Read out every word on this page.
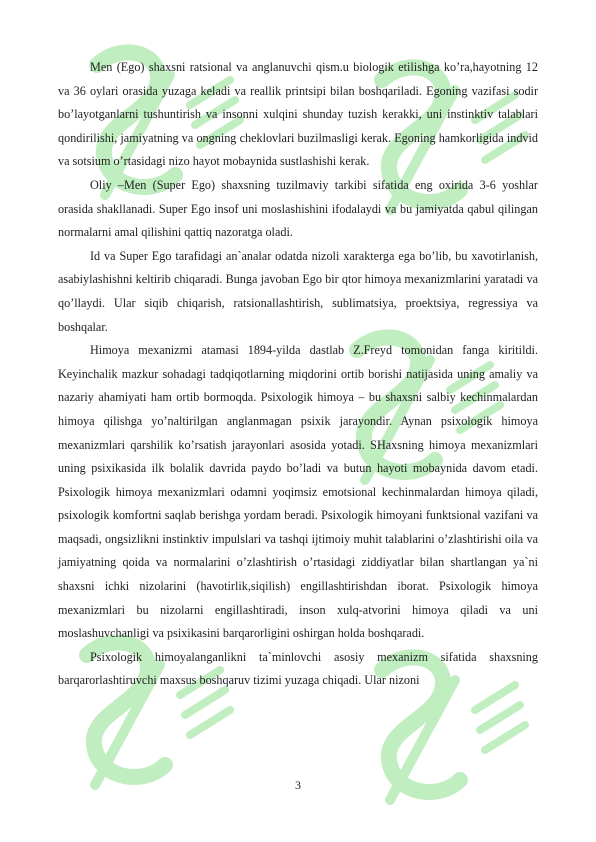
Men (Ego) shaxsni ratsional va anglanuvchi qism.u biologik etilishga ko’ra,hayotning 12 va 36 oylari orasida yuzaga keladi va reallik printsipi bilan boshqariladi. Egoning vazifasi sodir bo’layotganlarni tushuntirish va insonni xulqini shunday tuzish kerakki, uni instinktiv talablari qondirilishi, jamiyatning va ongning cheklovlari buzilmasligi kerak. Egoning hamkorligida indvid va sotsium o’rtasidagi nizo hayot mobaynida sustlashishi kerak.

Oliy –Men (Super Ego) shaxsning tuzilmaviy tarkibi sifatida eng oxirida 3-6 yoshlar orasida shakllanadi. Super Ego insof uni moslashishini ifodalaydi va bu jamiyatda qabul qilingan normalarni amal qilishini qattiq nazoratga oladi.

Id va Super Ego tarafidagi an`analar odatda nizoli xarakterga ega bo’lib, bu xavotirlanish, asabiylashishni keltirib chiqaradi. Bunga javoban Ego bir qtor himoya mexanizmlarini yaratadi va qo’llaydi. Ular siqib chiqarish, ratsionallashtirish, sublimatsiya, proektsiya, regressiya va boshqalar.

Himoya mexanizmi atamasi 1894-yilda dastlab Z.Freyd tomonidan fanga kiritildi. Keyinchalik mazkur sohadagi tadqiqotlarning miqdorini ortib borishi natijasida uning amaliy va nazariy ahamiyati ham ortib bormoqda. Psixologik himoya – bu shaxsni salbiy kechinmalardan himoya qilishga yo’naltirilgan anglanmagan psixik jarayondir. Aynan psixologik himoya mexanizmlari qarshilik ko’rsatish jarayonlari asosida yotadi. SHaxsning himoya mexanizmlari uning psixikasida ilk bolalik davrida paydo bo’ladi va butun hayoti mobaynida davom etadi. Psixologik himoya mexanizmlari odamni yoqimsiz emotsional kechinmalardan himoya qiladi, psixologik komfortni saqlab berishga yordam beradi. Psixologik himoyani funktsional vazifani va maqsadi, ongsizlikni instinktiv impulslari va tashqi ijtimoiy muhit talablarini o’zlashtirishi oila va jamiyatning qoida va normalarini o’zlashtirish o’rtasidagi ziddiyatlar bilan shartlangan ya`ni shaxsni ichki nizolarini (havotirlik,siqilish) engillashtirishdan iborat. Psixologik himoya mexanizmlari bu nizolarni engillashtiradi, inson xulq-atvorini himoya qiladi va uni moslashuvchanligi va psixikasini barqarorligini oshirgan holda boshqaradi.

Psixologik himoyalanganlikni ta`minlovchi asosiy mexanizm sifatida shaxsning barqarorlashtiruvchi maxsus boshqaruv tizimi yuzaga chiqadi. Ular nizoni

3
